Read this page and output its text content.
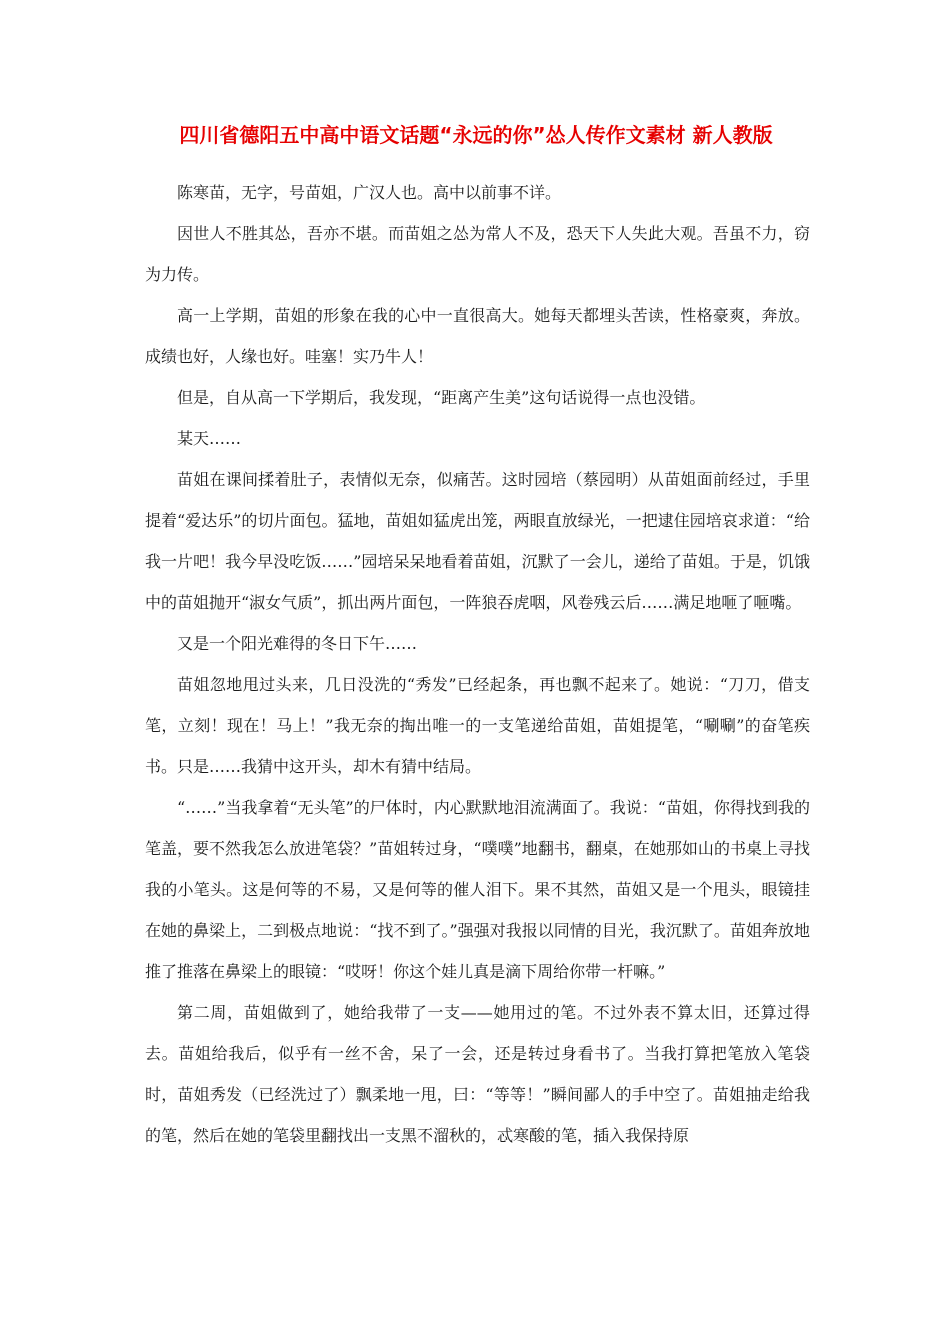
四川省德阳五中高中语文话题“永远的你”怂人传作文素材 新人教版

陈寒苗，无字，号苗姐，广汉人也。高中以前事不详。

因世人不胜其怂，吾亦不堪。而苗姐之怂为常人不及，恐天下人失此大观。吾虽不力，窃为力传。

高一上学期，苗姐的形象在我的心中一直很高大。她每天都埋头苦读，性格豪爽，奔放。成绩也好，人缘也好。哇塞！实乃牛人！

但是，自从高一下学期后，我发现，“距离产生美”这句话说得一点也没错。

某天……

苗姐在课间揉着肚子，表情似无奈，似痛苦。这时园培（蔡园明）从苗姐面前经过，手里提着“爱达乐”的切片面包。猛地，苗姐如猛虎出笼，两眼直放绿光，一把逮住园培哀求道：“给我一片吧！我今早没吃饭……”园培呆呆地看着苗姐，沉默了一会儿，递给了苗姐。于是，饥饿中的苗姐抛开“淑女气质”，抓出两片面包，一阵狼吞虎咽，风卷残云后……满足地咂了咂嘴。

又是一个阳光难得的冬日下午……

苗姐忽地甩过头来，几日没洗的“秀发”已经起条，再也飘不起来了。她说：“刀刀，借支笔，立刻！现在！马上！”我无奈的掏出唯一的一支笔递给苗姐，苗姐提笔，“唰唰”的奋笔疾书。只是……我猜中这开头，却木有猜中结局。

“……”当我拿着“无头笔”的尸体时，内心默默地泪流满面了。我说：“苗姐，你得找到我的笔盖，要不然我怎么放进笔袋？”苗姐转过身，“噗噗”地翻书，翻桌，在她那如山的书桌上寻找我的小笔头。这是何等的不易，又是何等的催人泪下。果不其然，苗姐又是一个甩头，眼镜挂在她的鼻梁上，二到极点地说：“找不到了。”强强对我报以同情的目光，我沉默了。苗姐奔放地推了推落在鼻梁上的眼镜：“哎呀！你这个娃儿真是滴下周给你带一杆嘛。”

第二周，苗姐做到了，她给我带了一支——她用过的笔。不过外表不算太旧，还算过得去。苗姐给我后，似乎有一丝不舍，呆了一会，还是转过身看书了。当我打算把笔放入笔袋时，苗姐秀发（已经洗过了）飘柔地一甩，曰：“等等！”瞬间鄙人的手中空了。苗姐抽走给我的笔，然后在她的笔袋里翻找出一支黑不溜秋的，忒寒酸的笔，插入我保持原
